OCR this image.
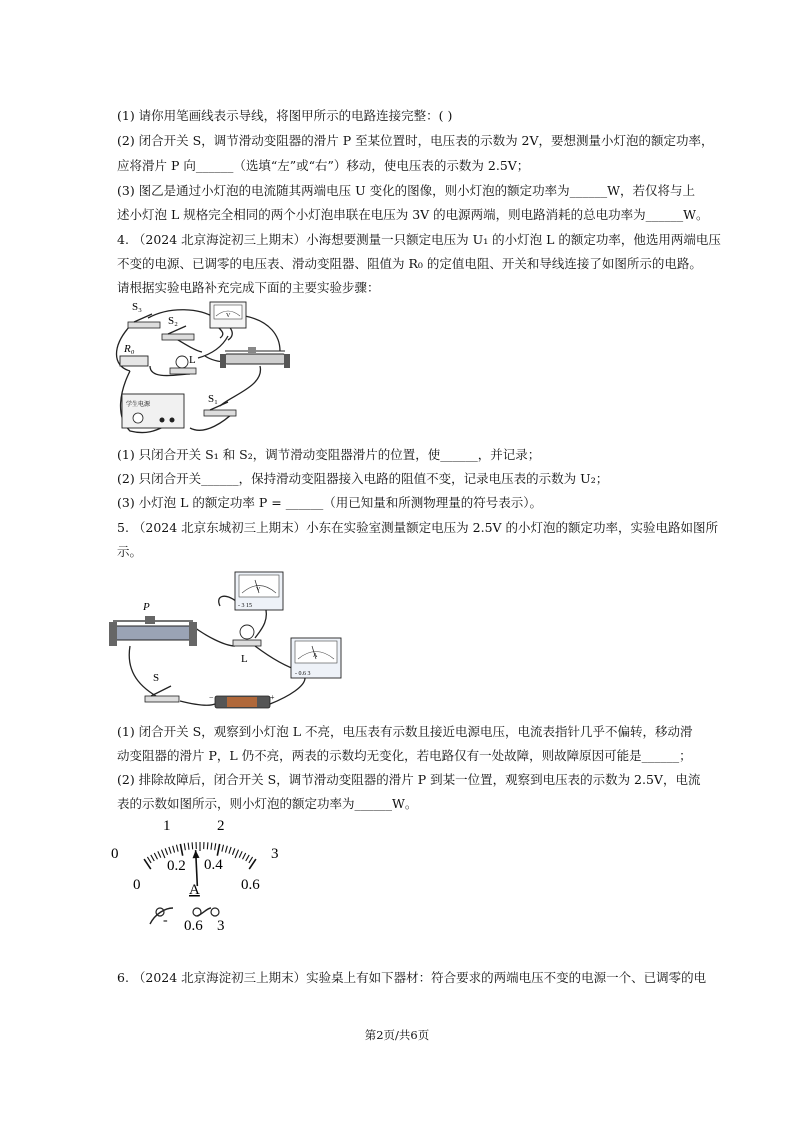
(1) 请你用笔画线表示导线，将图甲所示的电路连接完整：( )
(2) 闭合开关 S，调节滑动变阻器的滑片 P 至某位置时，电压表的示数为 2V，要想测量小灯泡的额定功率，
应将滑片 P 向______（选填“左”或“右”）移动，使电压表的示数为 2.5V；
(3) 图乙是通过小灯泡的电流随其两端电压 U 变化的图像，则小灯泡的额定功率为______W，若仅将与上
述小灯泡 L 规格完全相同的两个小灯泡串联在电压为 3V 的电源两端，则电路消耗的总电功率为______W。
4. （2024 北京海淀初三上期末）小海想要测量一只额定电压为 U₁ 的小灯泡 L 的额定功率，他选用两端电压
不变的电源、已调零的电压表、滑动变阻器、阻值为 R₀ 的定值电阻、开关和导线连接了如图所示的电路。
请根据实验电路补充完成下面的主要实验步骤：
S₃
S₂	V
R₀
L
学生电源	S₁
(1) 只闭合开关 S₁ 和 S₂，调节滑动变阻器滑片的位置，使______，并记录；
(2) 只闭合开关______，保持滑动变阻器接入电路的阻值不变，记录电压表的示数为 U₂；
(3) 小灯泡 L 的额定功率 P = ______（用已知量和所测物理量的符号表示）。
5. （2024 北京东城初三上期末）小东在实验室测量额定电压为 2.5V 的小灯泡的额定功率，实验电路如图所
示。
V
- 3 15
P
L	A
- 0.6 3
S
−	+
(1) 闭合开关 S，观察到小灯泡 L 不亮，电压表有示数且接近电源电压，电流表指针几乎不偏转，移动滑
动变阻器的滑片 P，L 仍不亮，两表的示数均无变化，若电路仅有一处故障，则故障原因可能是______；
(2) 排除故障后，闭合开关 S，调节滑动变阻器的滑片 P 到某一位置，观察到电压表的示数为 2.5V，电流
表的示数如图所示，则小灯泡的额定功率为______W。
0
1	2
3
0
0.2 0.4
0.6
A
- 0.6 3
6. （2024 北京海淀初三上期末）实验桌上有如下器材：符合要求的两端电压不变的电源一个、已调零的电
第2页/共6页
